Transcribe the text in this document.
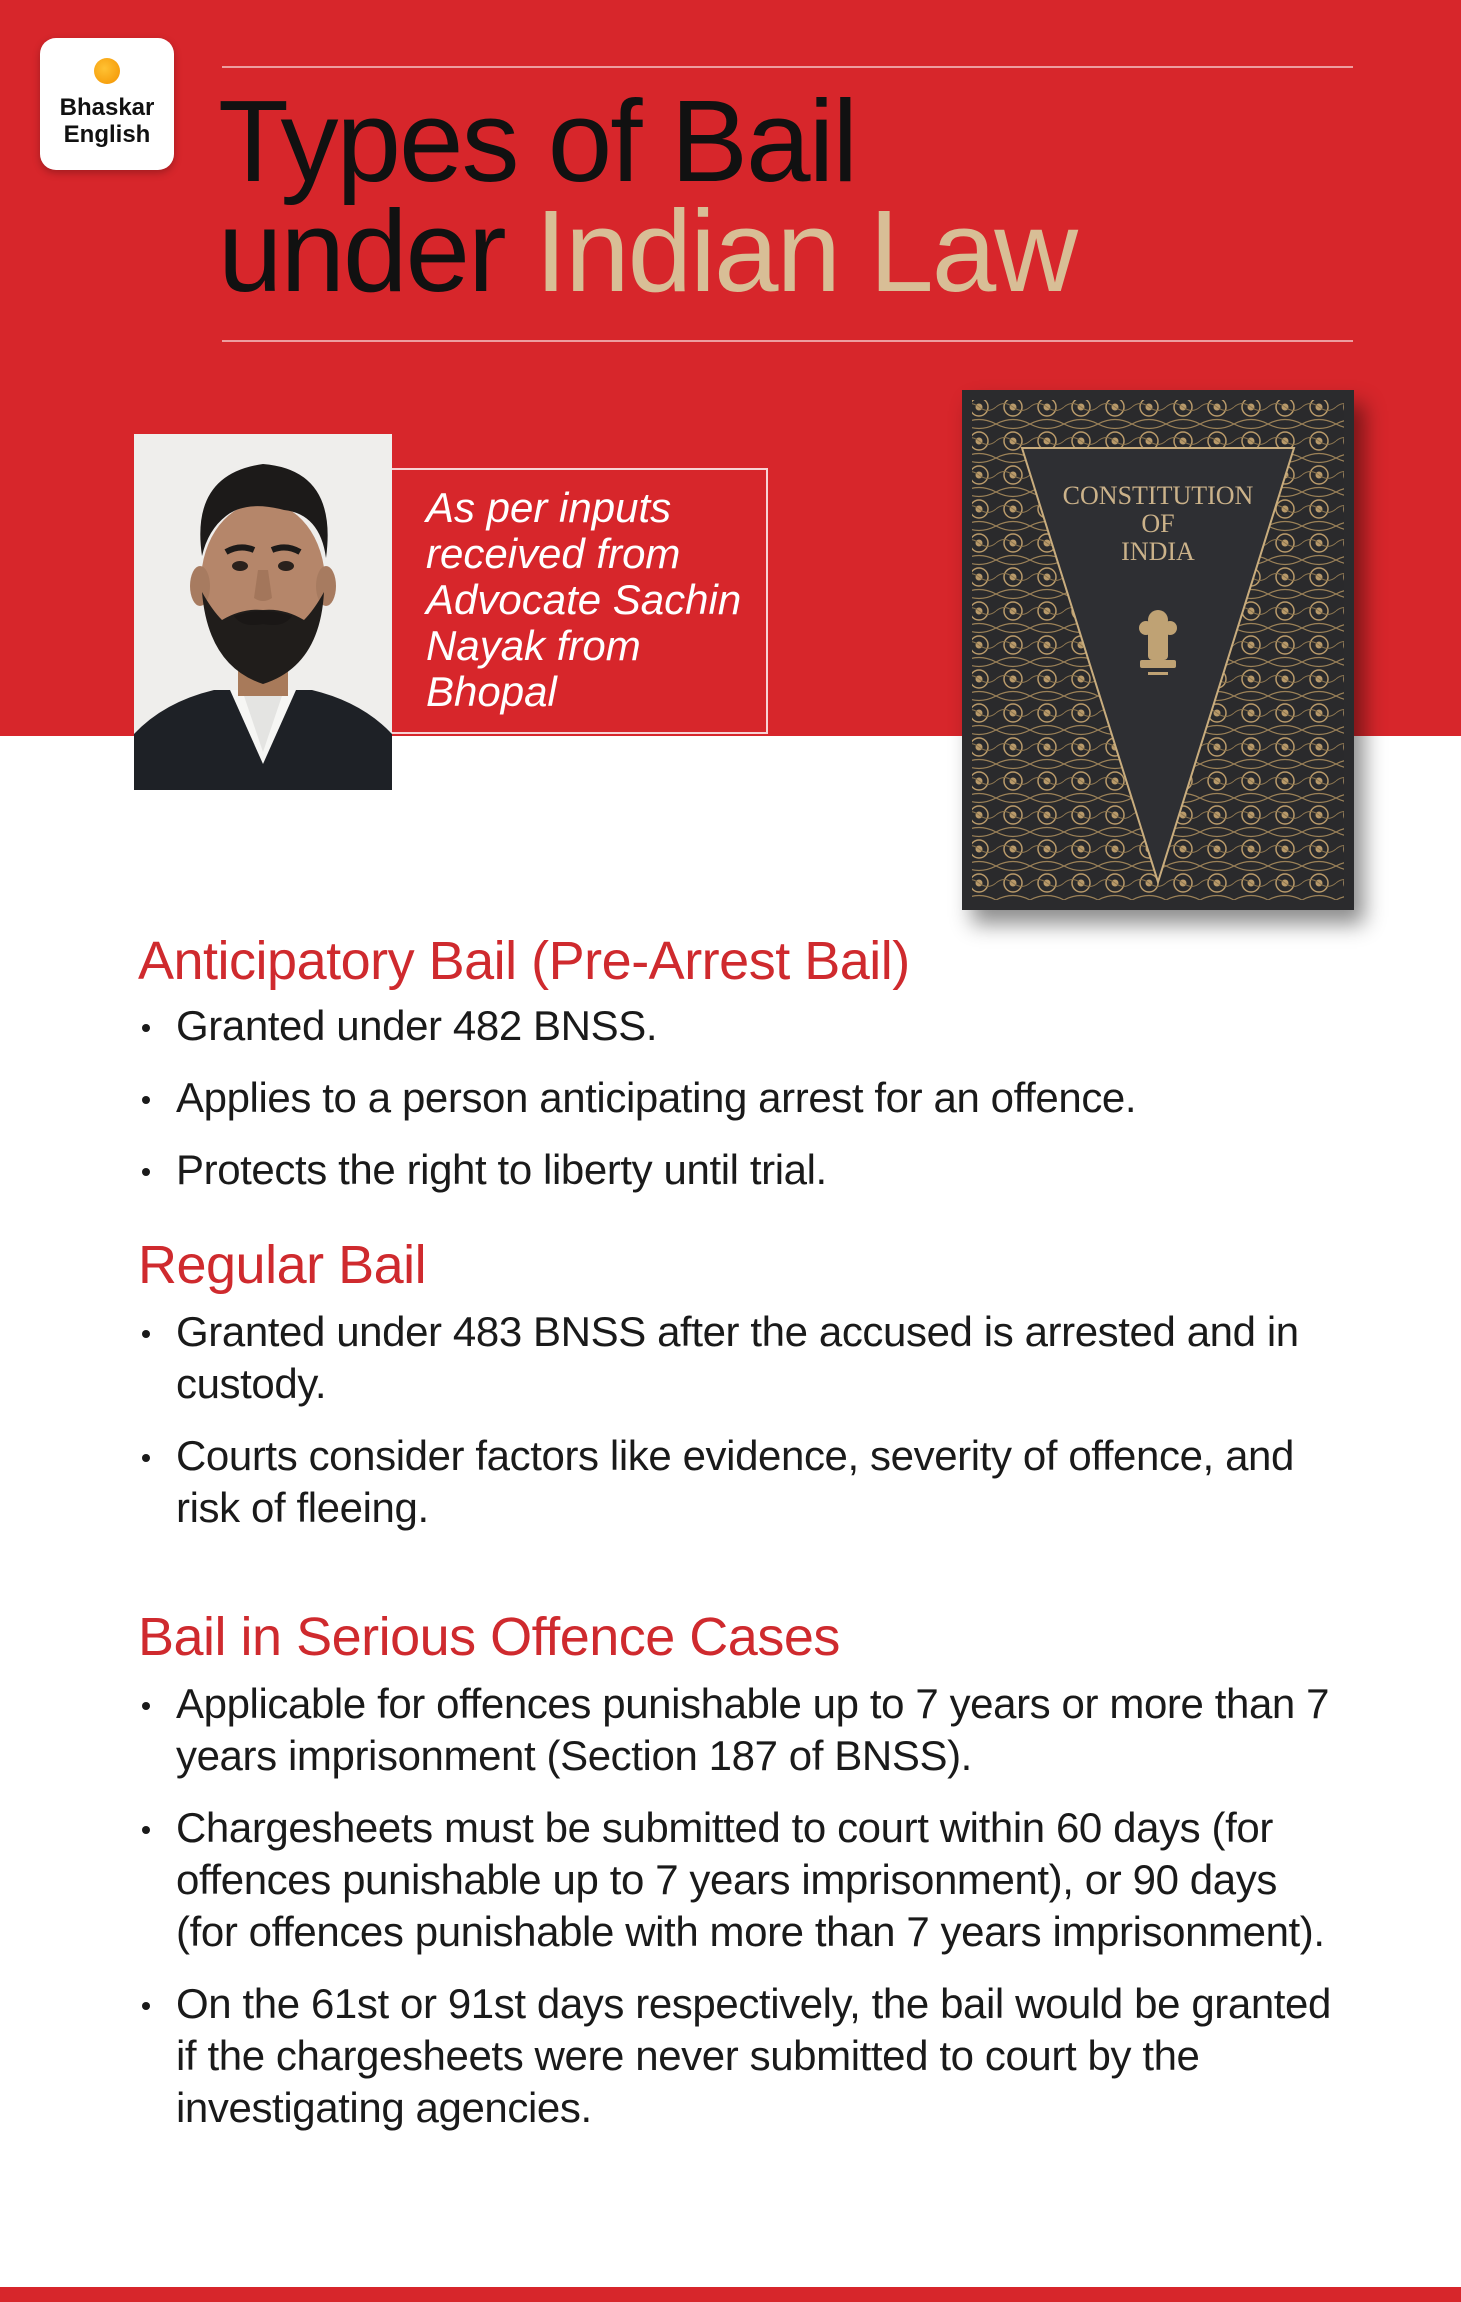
Bhaskar
English Types of Bail
under Indian Law
As per inputs received from Advocate Sachin Nayak from Bhopal
CONSTITUTION
OF
INDIA
Anticipatory Bail (Pre-Arrest Bail)
Granted under 482 BNSS.
Applies to a person anticipating arrest for an offence.
Protects the right to liberty until trial.
Regular Bail
Granted under 483 BNSS after the accused is arrested and in custody.
Courts consider factors like evidence, severity of offence, and risk of fleeing.
Bail in Serious Offence Cases
Applicable for offences punishable up to 7 years or more than 7 years imprisonment (Section 187 of BNSS).
Chargesheets must be submitted to court within 60 days (for offences punishable up to 7 years imprisonment), or 90 days (for offences punishable with more than 7 years imprisonment).
On the 61st or 91st days respectively, the bail would be granted if the chargesheets were never submitted to court by the investigating agencies.
